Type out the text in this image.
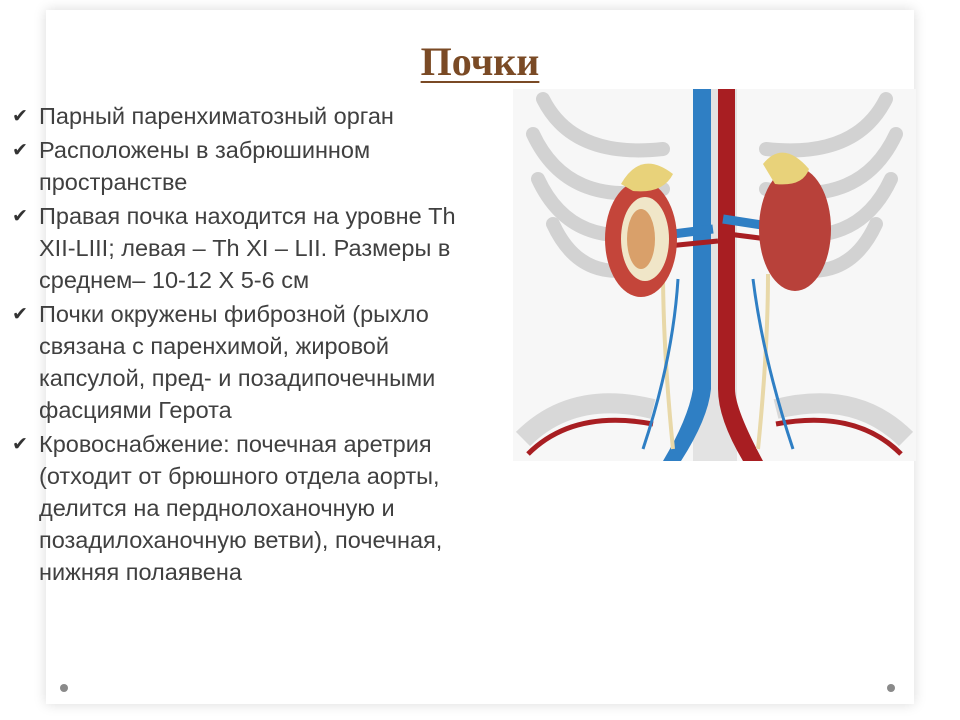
Почки
✔ Парный паренхиматозный орган
✔ Расположены в забрюшинном пространстве
✔ Правая почка находится на уровне Th XII-LIII; левая – Th XI – LII. Размеры в среднем– 10-12 Х 5-6 см
✔ Почки окружены фиброзной (рыхло связана с паренхимой, жировой капсулой, пред- и позадипочечными фасциями Герота
✔ Кровоснабжение: почечная аретрия (отходит от брюшного отдела аорты, делится на перднолоханочную и позадилоханочную ветви), почечная, нижняя полаявена
